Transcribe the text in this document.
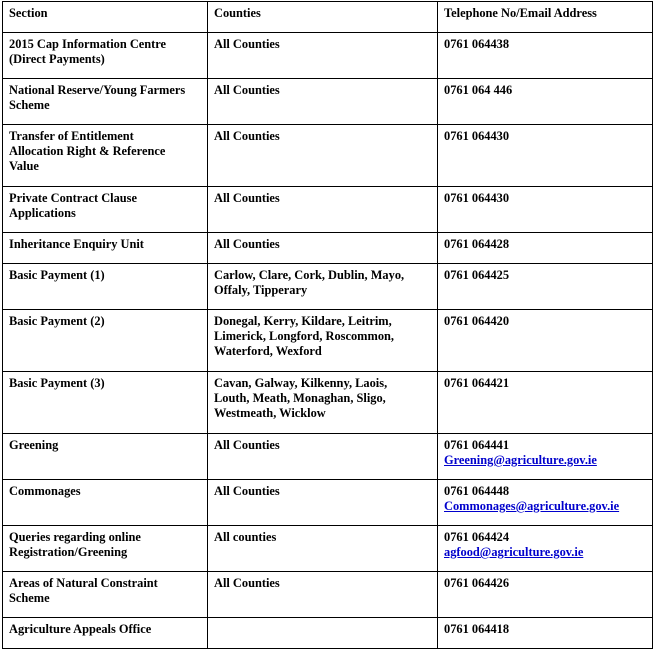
Section	Counties	Telephone No/Email Address

2015 Cap Information Centre
(Direct Payments)	All Counties	0761 064438

National Reserve/Young Farmers
Scheme	All Counties	0761 064 446

Transfer of Entitlement
Allocation Right & Reference
Value	All Counties	0761 064430

Private Contract Clause
Applications	All Counties	0761 064430

Inheritance Enquiry Unit	All Counties	0761 064428

Basic Payment (1)	Carlow, Clare, Cork, Dublin, Mayo,
Offaly, Tipperary	0761 064425

Basic Payment (2)	Donegal, Kerry, Kildare, Leitrim,
Limerick, Longford, Roscommon,
Waterford, Wexford	0761 064420

Basic Payment (3)	Cavan, Galway, Kilkenny, Laois,
Louth, Meath, Monaghan, Sligo,
Westmeath, Wicklow	0761 064421

Greening	All Counties	0761 064441
Greening@agriculture.gov.ie

Commonages	All Counties	0761 064448
Commonages@agriculture.gov.ie

Queries regarding online
Registration/Greening	All counties	0761 064424
agfood@agriculture.gov.ie

Areas of Natural Constraint
Scheme	All Counties	0761 064426

Agriculture Appeals Office		0761 064418
